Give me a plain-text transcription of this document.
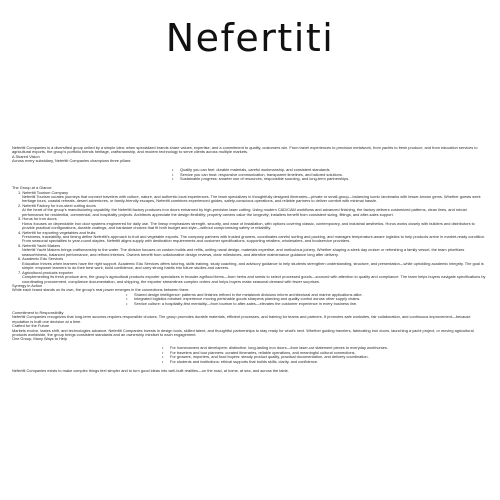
Nefertiti

Nefertiti Companies is a diversified group united by a simple idea: when specialized brands share values, expertise, and a commitment to quality, customers win. From travel experiences to precision metalwork, from yachts to fresh produce, and from education services to agricultural exports, the group's portfolio blends heritage, craftsmanship, and modern technology to serve clients across multiple markets.

A Shared Vision

Across every subsidiary, Nefertiti Companies champions three pillars:

• Quality you can feel: durable materials, careful workmanship, and consistent standards.
• Service you can trust: responsive communication, transparent timelines, and tailored solutions.
• Sustainable progress: smarter use of resources, responsible sourcing, and long-term partnerships.

The Group at a Glance

1. Nefertiti Tourism Company
Nefertiti Tourism curates journeys that connect travelers with culture, nature, and authentic local experiences. The team specializes in thoughtfully designed itineraries—private or small-group—balancing iconic landmarks with lesser-known gems. Whether guests seek heritage tours, coastal retreats, desert adventures, or family-friendly escapes, Nefertiti combines experienced guides, safety-conscious operations, and reliable partners to deliver comfort with minimal hassle.
2. Nefertiti Factory for iron-steel cutting doors
At the heart of the group's manufacturing capability, the Nefertiti factory produces iron doors enhanced by high-precision laser cutting. Using modern CAD/CAM workflows and advanced finishing, the factory delivers customized patterns, clean lines, and robust performance for residential, commercial, and hospitality projects. Architects appreciate the design flexibility; property owners value the longevity; installers benefit from consistent sizing, fittings, and after-sales support.
3. Horus for iron doors
Horus focuses on dependable iron door systems engineered for daily use. The lineup emphasizes strength, security, and ease of installation, with options covering classic, contemporary, and industrial aesthetics. Horus works closely with builders and distributors to provide practical configurations, durable coatings, and hardware choices that fit both budget and style—without compromising safety or reliability.
4. Nefertiti for exporting vegetables and fruits
Freshness, traceability, and timing define Nefertiti's approach to fruit and vegetable exports. The company partners with trusted growers, coordinates careful sorting and packing, and manages temperature-aware logistics to help products arrive in market-ready condition. From seasonal specialties to year-round staples, Nefertiti aligns supply with destination requirements and customer specifications, supporting retailers, wholesalers, and foodservice providers.
5. Nefertiti Yacht Makers
Nefertiti Yacht Makers brings craftsmanship to the water. The division focuses on custom builds and refits, uniting naval design, materials expertise, and meticulous joinery. Whether shaping a sleek day cruiser or refreshing a family vessel, the team prioritizes seaworthiness, balanced performance, and refined interiors. Owners benefit from collaborative design reviews, clear milestones, and attentive maintenance guidance long after delivery.
6. Academic Edu Services
Education thrives when learners have the right support. Academic Edu Services offers tutoring, skills training, study coaching, and advisory guidance to help students strengthen understanding, structure, and presentation—while upholding academic integrity. The goal is simple: empower learners to do their best work, build confidence, and carry strong habits into future studies and careers.
7. Agricultural products exporter
Complementing its fresh produce arm, the group's agricultural products exporter specializes in broader agrifood items—from herbs and seeds to select processed goods—sourced with attention to quality and compliance. The team helps buyers navigate specifications by coordinating procurement, compliance documentation, and shipping, the exporter streamlines complex orders and helps buyers make seasonal demand with fewer surprises.

Synergy in Action

While each brand stands on its own, the group's real power emerges in the connections between them:

• Shared design intelligence: patterns and finishes refined in the metalwork divisions inform architectural and marine applications alike.
• Integrated logistics mindset: experience moving perishable goods sharpens planning and quality control across other supply chains.
• Service culture: a hospitality-first mentality—from tourism to after-sales—elevates the customer experience in every business line.

Commitment to Responsibility

Nefertiti Companies recognizes that long-term success requires responsible choices. The group promotes durable materials, efficient processes, and training for teams and partners. It promotes safe worksites, fair collaboration, and continuous improvement—because reputation is built one decision at a time.

Crafted for the Future

Markets evolve, tastes shift, and technologies advance. Nefertiti Companies invests in design tools, skilled talent, and thoughtful partnerships to stay ready for what's next. Whether guiding travelers, fabricating iron doors, launching a yacht project, or moving agricultural products worldwide, the group brings consistent standards and an ownership mindset to each engagement.

One Group, Many Ways to Help

• For homeowners and developers: distinctive, long-lasting iron doors—from laser-cut statement pieces to everyday workhorses.
• For travelers and tour planners: curated itineraries, reliable operations, and meaningful cultural connections.
• For growers, importers, and food buyers: steady product quality, practical documentation, and delivery coordination.
• For students and institutions: ethical supports that builds skills, clarity, and confidence.

Nefertiti Companies exists to make complex things feel simpler and to turn good ideas into well-built realities—on the road, at home, at sea, and across the table.
